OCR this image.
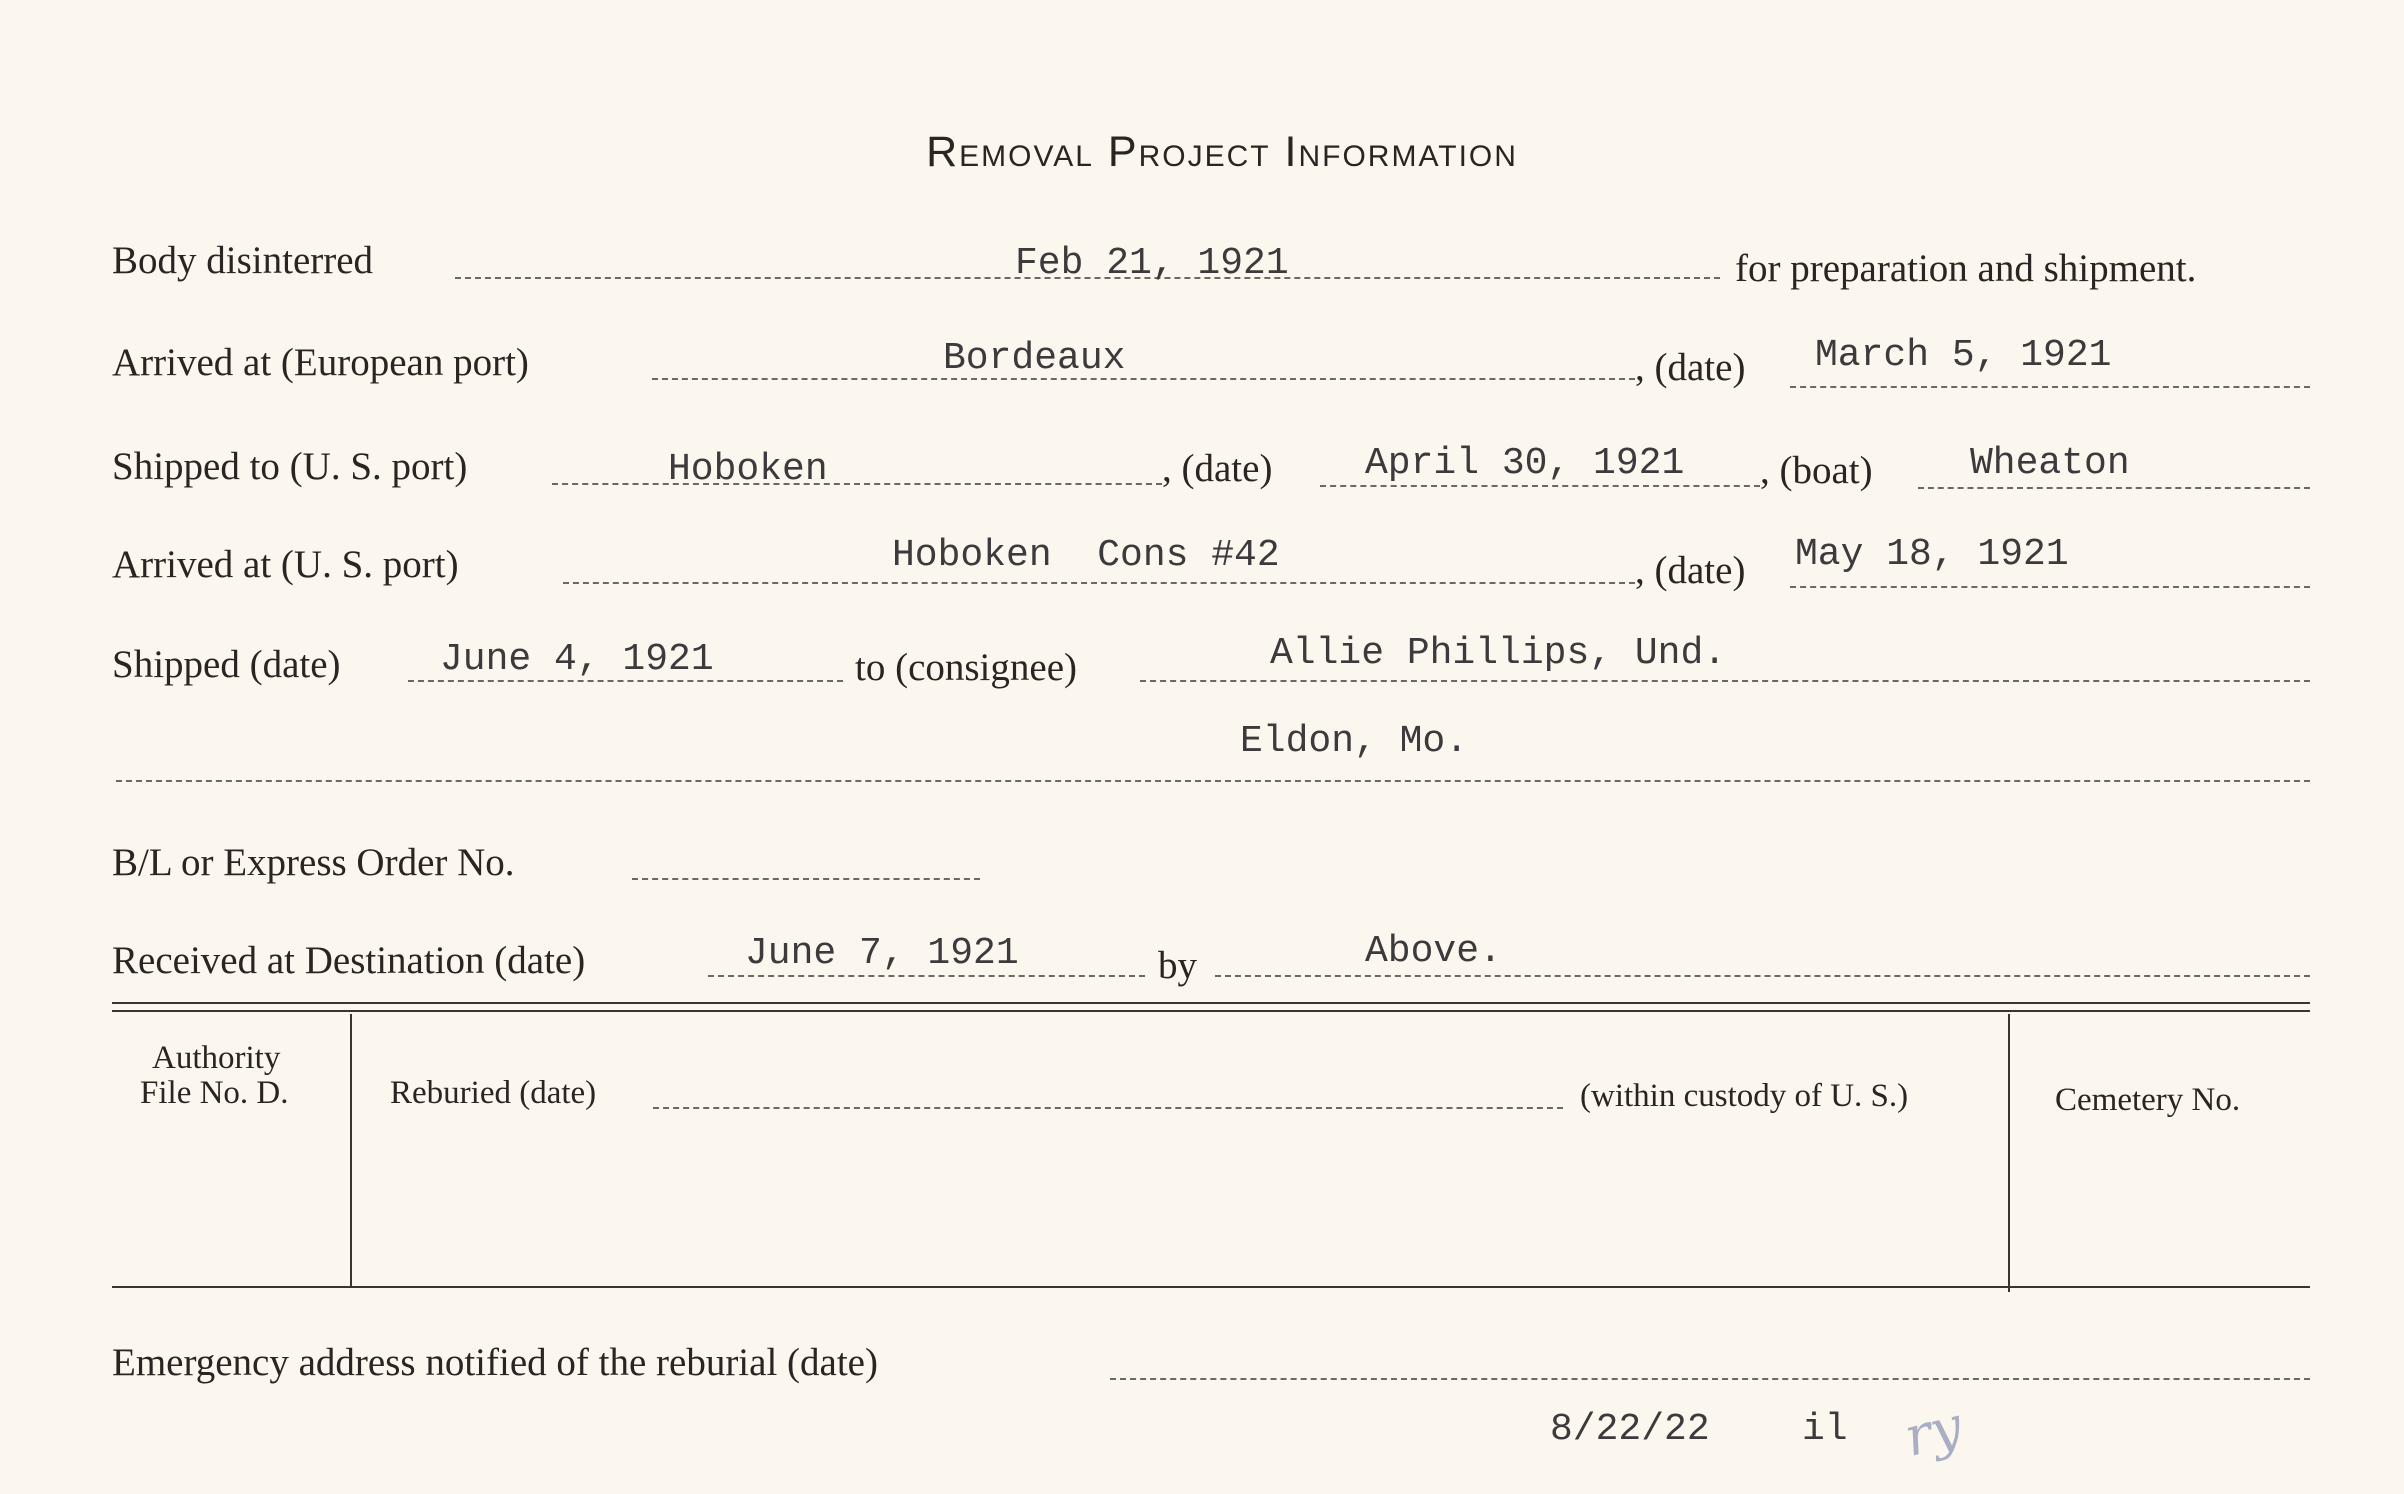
Removal Project Information
Body disinterred	Feb 21, 1921	for preparation and shipment.
Arrived at (European port)	Bordeaux	, (date) March 5, 1921
Shipped to (U. S. port)	Hoboken	, (date) April 30, 1921 , (boat)	Wheaton
Arrived at (U. S. port)	Hoboken  Cons #42	, (date) May 18, 1921
Shipped (date)	June 4, 1921	to (consignee)	Allie Phillips, Und.
Eldon, Mo.
B/L or Express Order No.
Received at Destination (date)	June 7, 1921	by	Above.
Authority
File No. D.	Reburied (date)	(within custody of U. S.)	Cemetery No.
Emergency address notified of the reburial (date)
8/22/22 il ry
